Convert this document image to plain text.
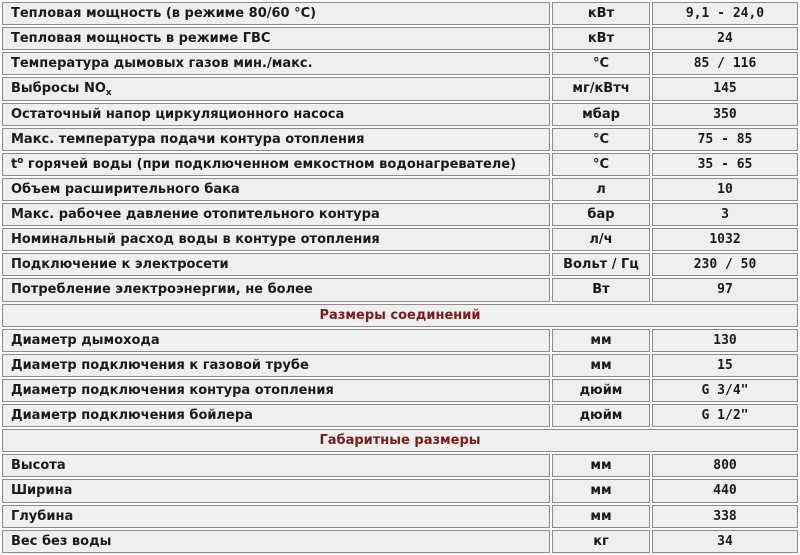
Тепловая мощность (в режиме 80/60 °С)	кВт	9,1 - 24,0
Тепловая мощность в режиме ГВС	кВт	24
Температура дымовых газов мин./макс.	°С	85 / 116
Выбросы $NO_x$	мг/кВтч	145
Остаточный напор циркуляционного насоса	мбар	350
Макс. температура подачи контура отопления	°С	75 - 85
$t^о$ горячей воды (при подключенном емкостном водонагревателе)	°С	35 - 65
Объем расширительного бака	л	10
Макс. рабочее давление отопительного контура	бар	3
Номинальный расход воды в контуре отопления	л/ч	1032
Подключение к электросети	Вольт / Гц	230 / 50
Потребление электроэнергии, не более	Вт	97
Размеры соединений		
Диаметр дымохода	мм	130
Диаметр подключения к газовой трубе	мм	15
Диаметр подключения контура отопления	дюйм	G 3/4"
Диаметр подключения бойлера	дюйм	G 1/2"
Габаритные размеры		
Высота	мм	800
Ширина	мм	440
Глубина	мм	338
Вес без воды	кг	34
